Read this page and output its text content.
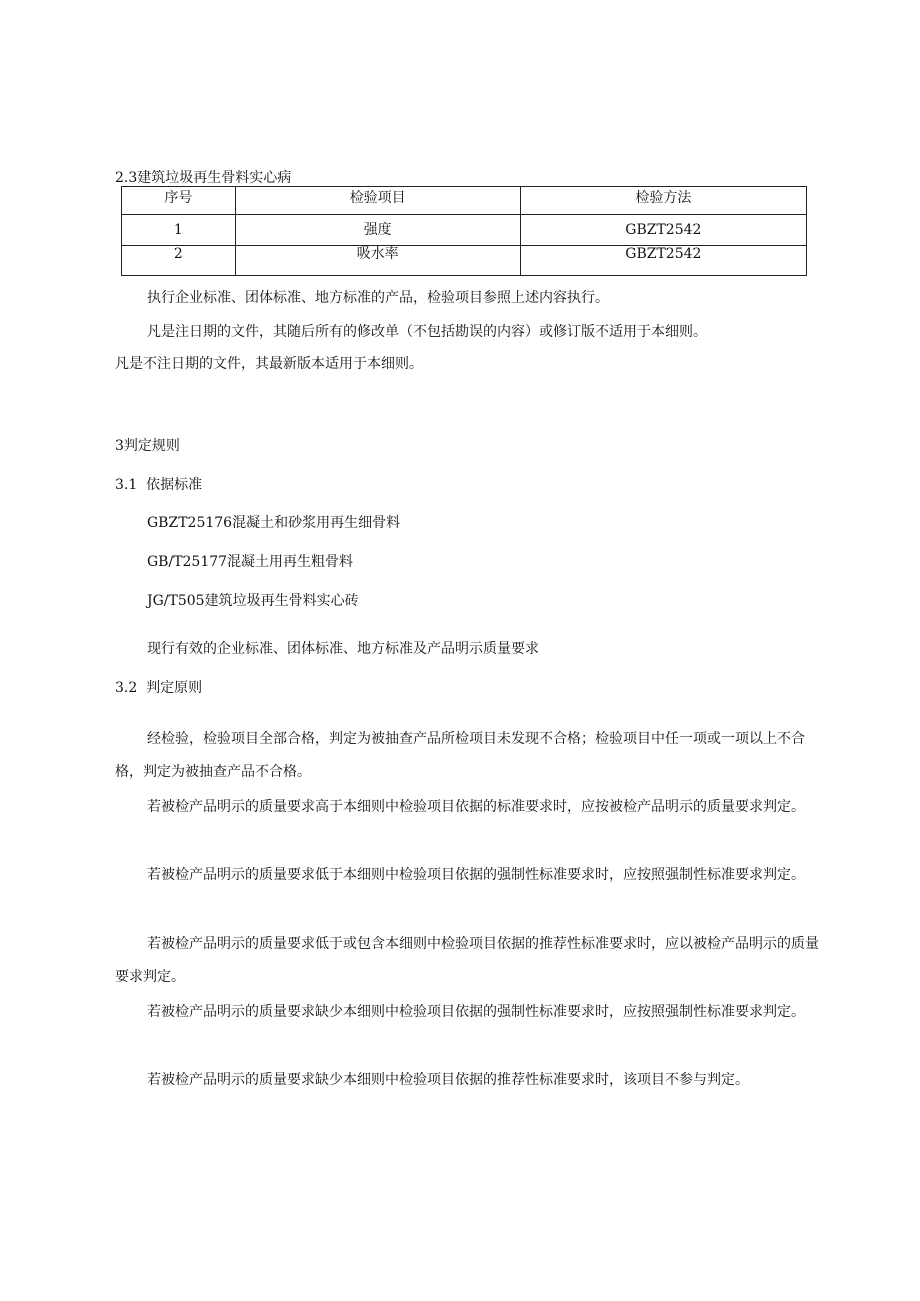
2.3建筑垃圾再生骨料实心病
序号	检验项目	检验方法
1	强度	GBZT2542
2	吸水率	GBZT2542
执行企业标准、团体标准、地方标准的产品，检验项目参照上述内容执行。
凡是注日期的文件，其随后所有的修改单（不包括勘误的内容）或修订版不适用于本细则。
凡是不注日期的文件，其最新版本适用于本细则。
3判定规则
3.1  依据标准
GBZT25176混凝土和砂浆用再生细骨料
GB/T25177混凝土用再生粗骨料
JG/T505建筑垃圾再生骨料实心砖
现行有效的企业标准、团体标准、地方标准及产品明示质量要求
3.2  判定原则
经检验，检验项目全部合格，判定为被抽查产品所检项目未发现不合格；检验项目中任一项或一项以上不合格，判定为被抽查产品不合格。
若被检产品明示的质量要求高于本细则中检验项目依据的标准要求时，应按被检产品明示的质量要求判定。
若被检产品明示的质量要求低于本细则中检验项目依据的强制性标准要求时，应按照强制性标准要求判定。
若被检产品明示的质量要求低于或包含本细则中检验项目依据的推荐性标准要求时，应以被检产品明示的质量要求判定。
若被检产品明示的质量要求缺少本细则中检验项目依据的强制性标准要求时，应按照强制性标准要求判定。
若被检产品明示的质量要求缺少本细则中检验项目依据的推荐性标准要求时，该项目不参与判定。
